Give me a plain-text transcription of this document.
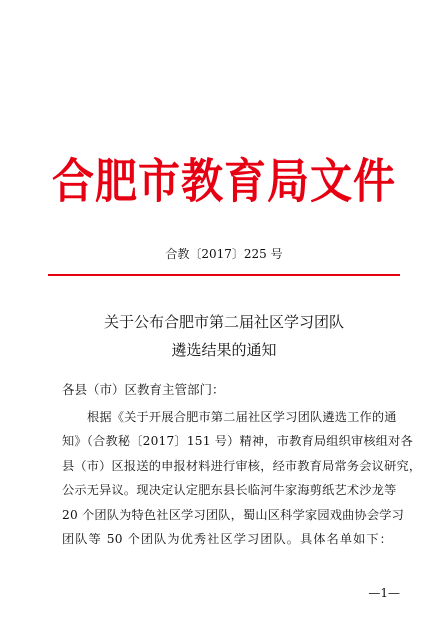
合肥市教育局文件
合教〔2017〕225 号
关于公布合肥市第二届社区学习团队
遴选结果的通知
各县（市）区教育主管部门：
根据《关于开展合肥市第二届社区学习团队遴选工作的通
知》（合教秘〔2017〕151 号）精神，市教育局组织审核组对各
县（市）区报送的申报材料进行审核，经市教育局常务会议研究，
公示无异议。现决定认定肥东县长临河牛家海剪纸艺术沙龙等
20 个团队为特色社区学习团队，蜀山区科学家园戏曲协会学习
团队等 50 个团队为优秀社区学习团队。具体名单如下：
—1—
